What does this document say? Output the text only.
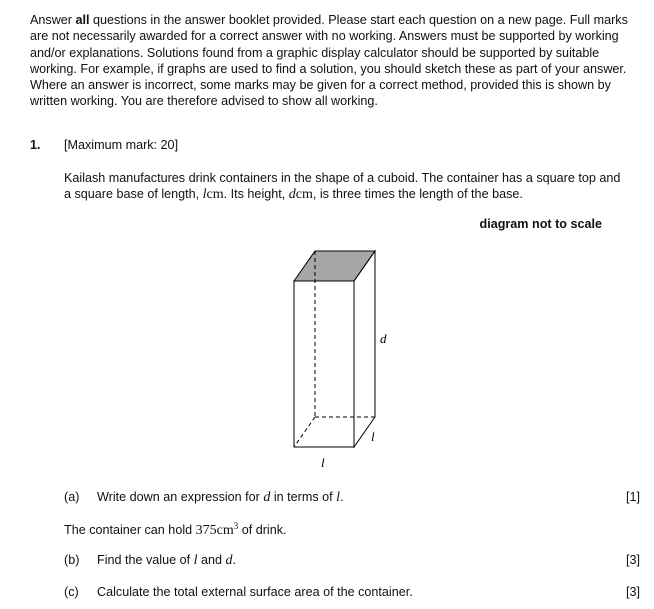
Answer all questions in the answer booklet provided. Please start each question on a new page. Full marks are not necessarily awarded for a correct answer with no working. Answers must be supported by working and/or explanations. Solutions found from a graphic display calculator should be supported by suitable working. For example, if graphs are used to find a solution, you should sketch these as part of your answer. Where an answer is incorrect, some marks may be given for a correct method, provided this is shown by written working. You are therefore advised to show all working.

1. [Maximum mark: 20]

Kailash manufactures drink containers in the shape of a cuboid. The container has a square top and a square base of length, lcm. Its height, dcm, is three times the length of the base.

diagram not to scale
d
l
l
(a) Write down an expression for d in terms of l.	[1]
The container can hold $375cm^3$ of drink.
(b) Find the value of l and d.	[3]
(c) Calculate the total external surface area of the container.	[3]
